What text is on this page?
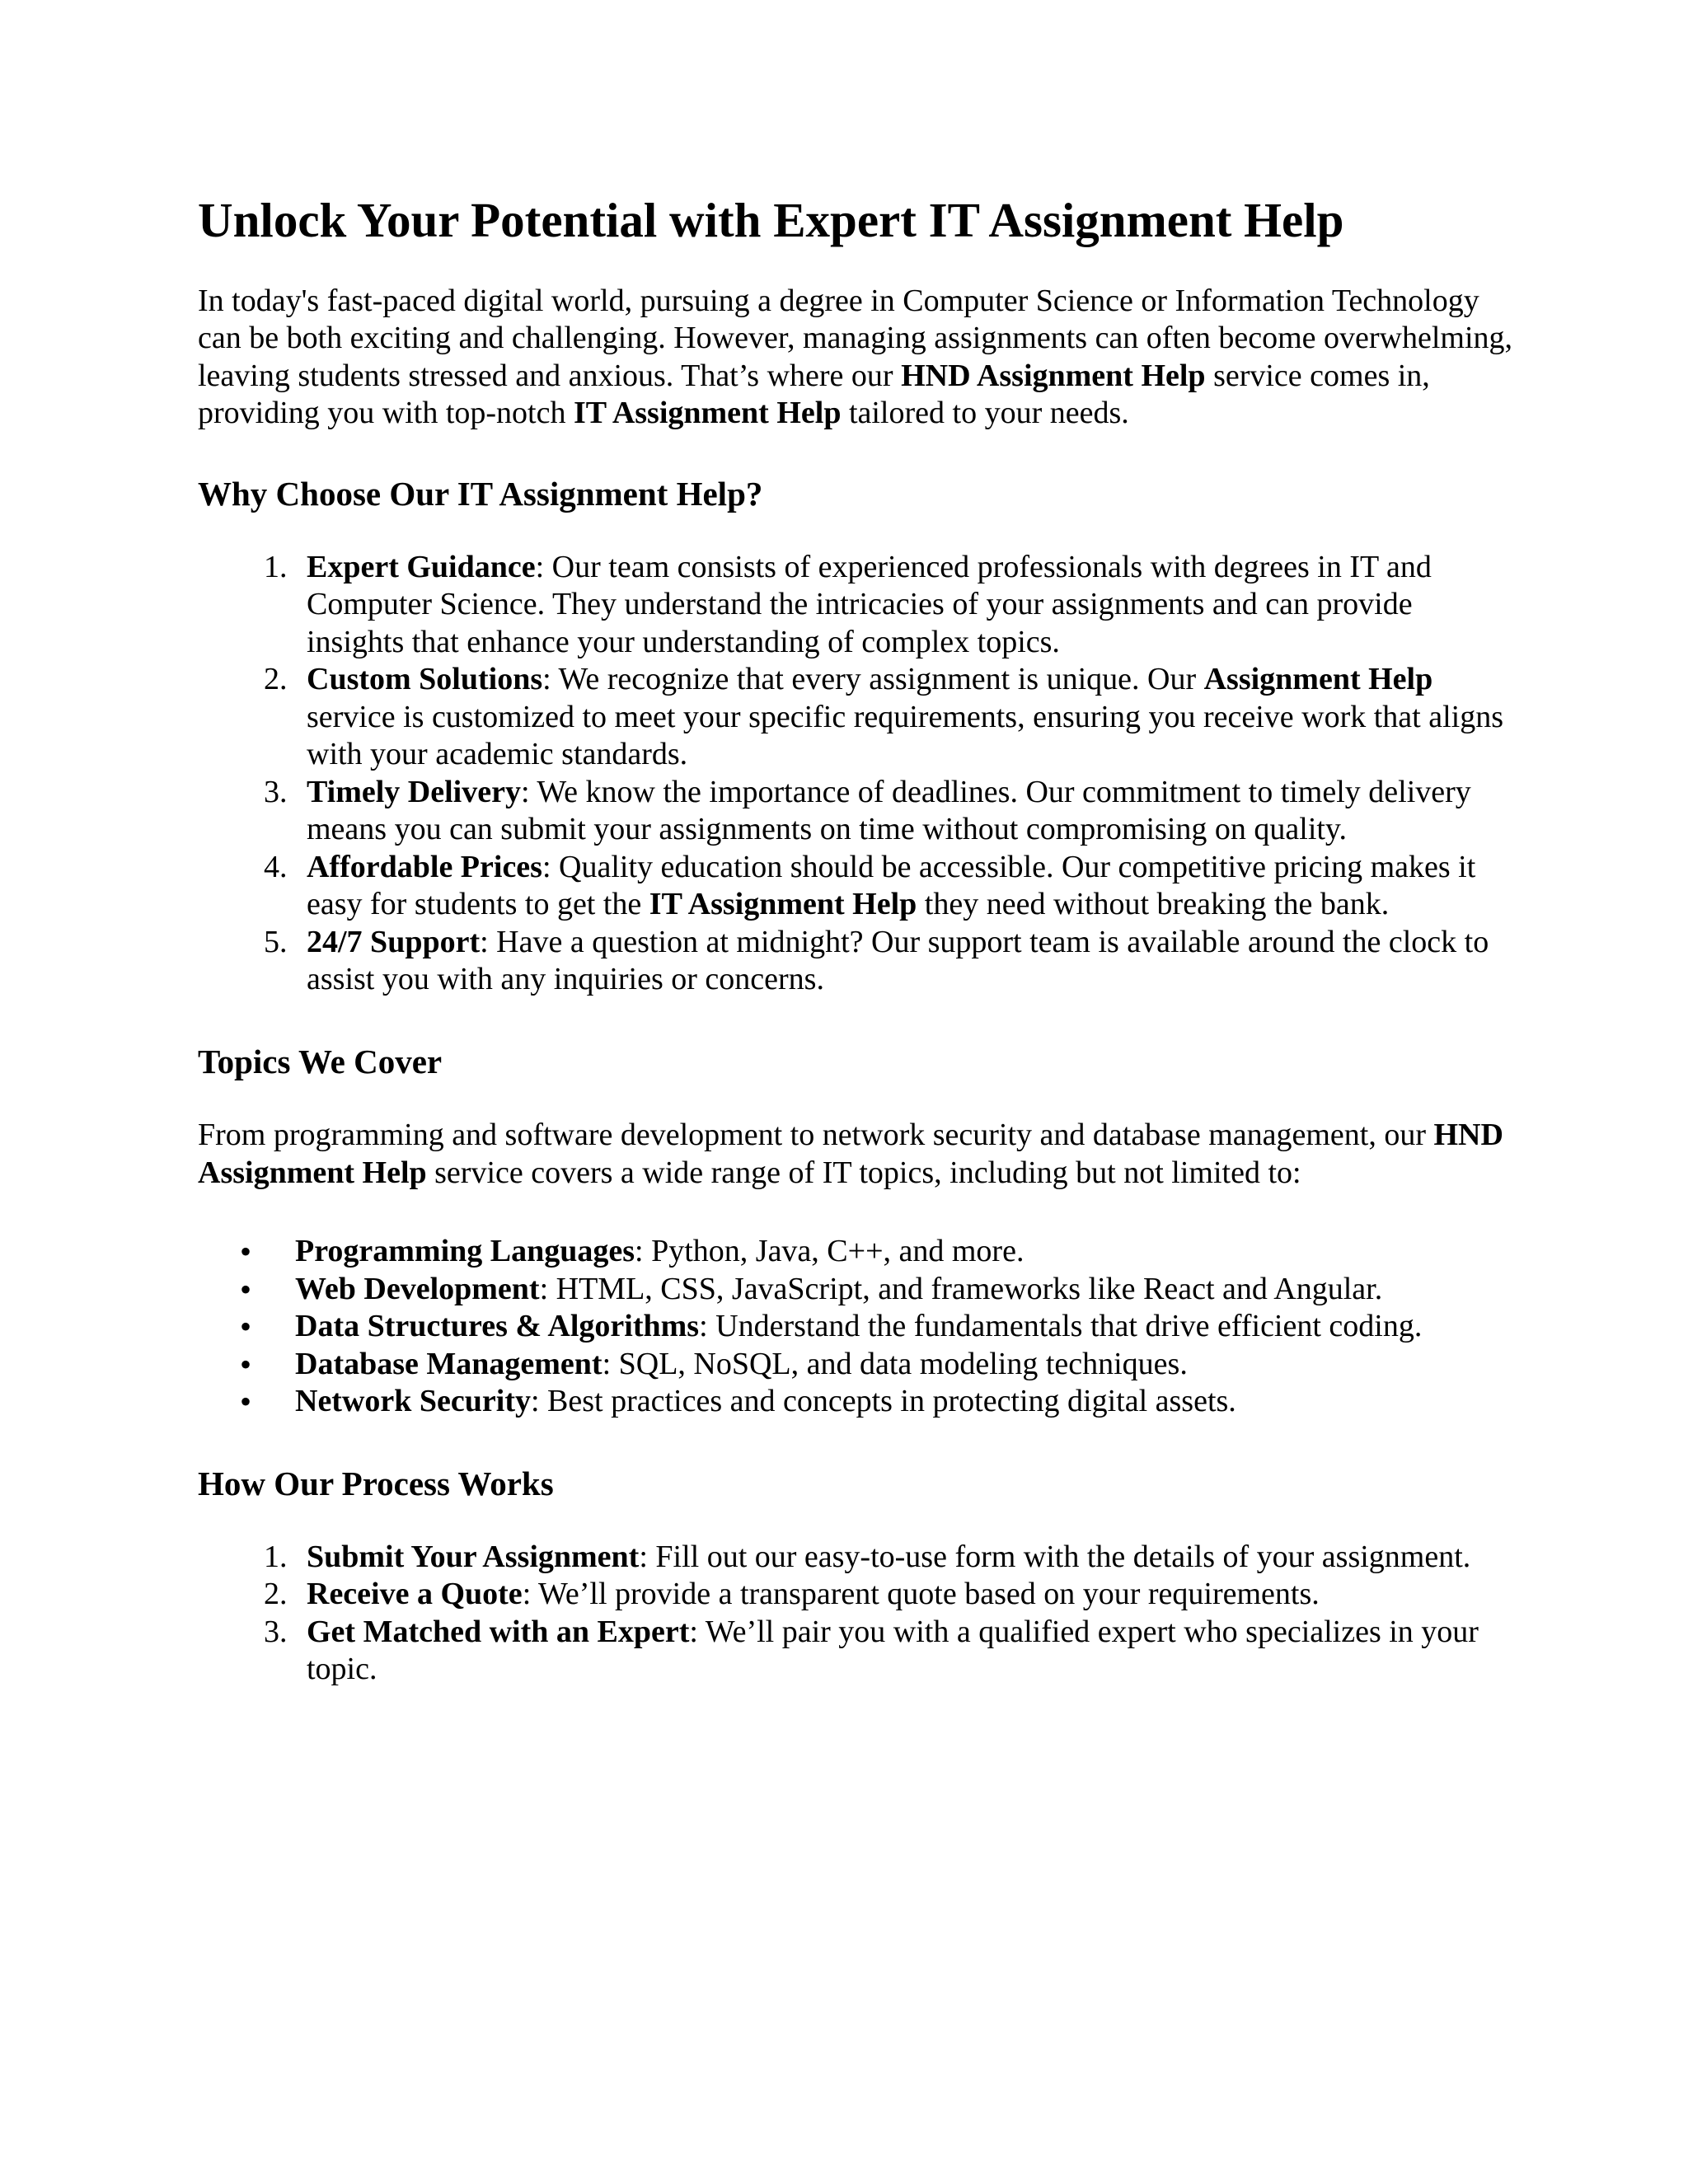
Unlock Your Potential with Expert IT Assignment Help

In today's fast-paced digital world, pursuing a degree in Computer Science or Information Technology can be both exciting and challenging. However, managing assignments can often become overwhelming, leaving students stressed and anxious. That’s where our HND Assignment Help service comes in, providing you with top-notch IT Assignment Help tailored to your needs.

Why Choose Our IT Assignment Help?
1. Expert Guidance: Our team consists of experienced professionals with degrees in IT and Computer Science. They understand the intricacies of your assignments and can provide insights that enhance your understanding of complex topics.
2. Custom Solutions: We recognize that every assignment is unique. Our Assignment Help service is customized to meet your specific requirements, ensuring you receive work that aligns with your academic standards.
3. Timely Delivery: We know the importance of deadlines. Our commitment to timely delivery means you can submit your assignments on time without compromising on quality.
4. Affordable Prices: Quality education should be accessible. Our competitive pricing makes it easy for students to get the IT Assignment Help they need without breaking the bank.
5. 24/7 Support: Have a question at midnight? Our support team is available around the clock to assist you with any inquiries or concerns.
Topics We Cover

From programming and software development to network security and database management, our HND Assignment Help service covers a wide range of IT topics, including but not limited to:

• Programming Languages: Python, Java, C++, and more.
• Web Development: HTML, CSS, JavaScript, and frameworks like React and Angular.
• Data Structures & Algorithms: Understand the fundamentals that drive efficient coding.
• Database Management: SQL, NoSQL, and data modeling techniques.
• Network Security: Best practices and concepts in protecting digital assets.
How Our Process Works
1. Submit Your Assignment: Fill out our easy-to-use form with the details of your assignment.
2. Receive a Quote: We’ll provide a transparent quote based on your requirements.
3. Get Matched with an Expert: We’ll pair you with a qualified expert who specializes in your topic.
